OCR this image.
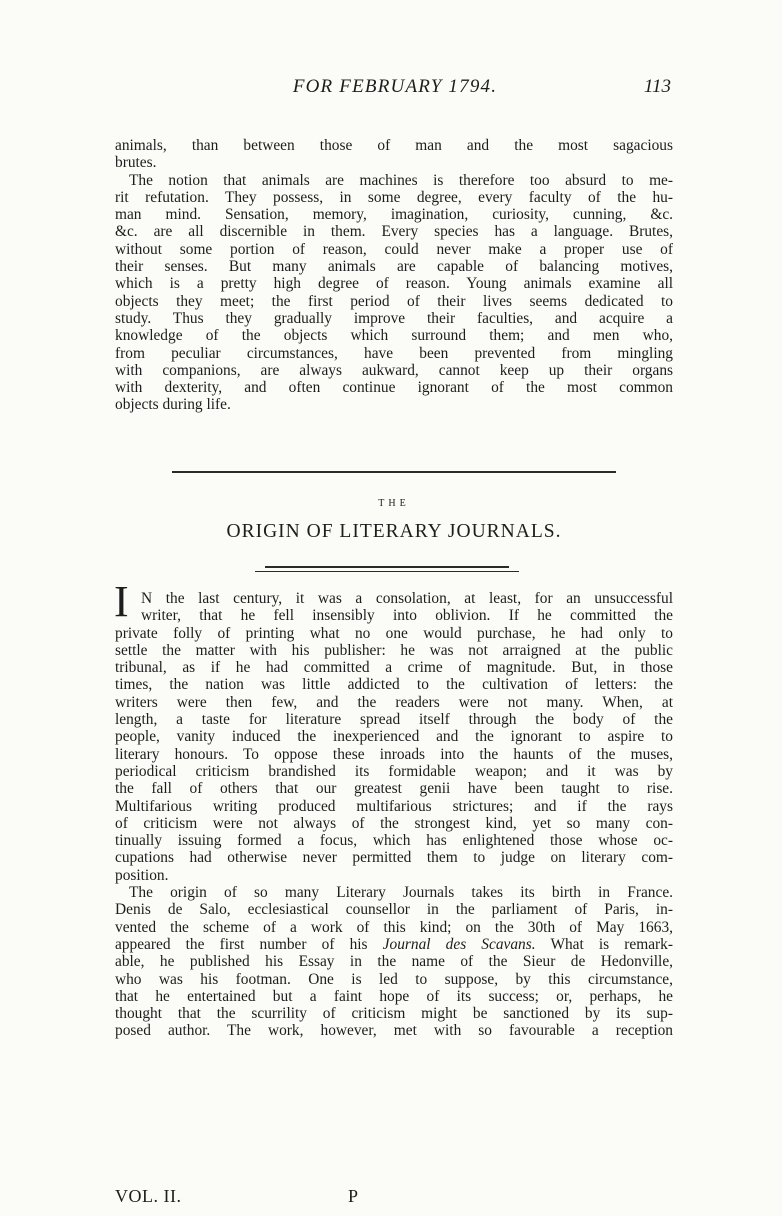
FOR FEBRUARY 1794.	113
animals, than between those of man and the most sagacious
brutes.
The notion that animals are machines is therefore too absurd to me-
rit refutation. They possess, in some degree, every faculty of the hu-
man mind. Sensation, memory, imagination, curiosity, cunning, &c.
&c. are all discernible in them. Every species has a language. Brutes,
without some portion of reason, could never make a proper use of
their senses. But many animals are capable of balancing motives,
which is a pretty high degree of reason. Young animals examine all
objects they meet; the first period of their lives seems dedicated to
study. Thus they gradually improve their faculties, and acquire a
knowledge of the objects which surround them; and men who,
from peculiar circumstances, have been prevented from mingling
with companions, are always aukward, cannot keep up their organs
with dexterity, and often continue ignorant of the most common
objects during life.
THE
ORIGIN OF LITERARY JOURNALS.
I N the last century, it was a consolation, at least, for an unsuccessful
writer, that he fell insensibly into oblivion. If he committed the
private folly of printing what no one would purchase, he had only to
settle the matter with his publisher: he was not arraigned at the public
tribunal, as if he had committed a crime of magnitude. But, in those
times, the nation was little addicted to the cultivation of letters: the
writers were then few, and the readers were not many. When, at
length, a taste for literature spread itself through the body of the
people, vanity induced the inexperienced and the ignorant to aspire to
literary honours. To oppose these inroads into the haunts of the muses,
periodical criticism brandished its formidable weapon; and it was by
the fall of others that our greatest genii have been taught to rise.
Multifarious writing produced multifarious strictures; and if the rays
of criticism were not always of the strongest kind, yet so many con-
tinually issuing formed a focus, which has enlightened those whose oc-
cupations had otherwise never permitted them to judge on literary com-
position.
The origin of so many Literary Journals takes its birth in France.
Denis de Salo, ecclesiastical counsellor in the parliament of Paris, in-
vented the scheme of a work of this kind; on the 30th of May 1663,
appeared the first number of his Journal des Scavans. What is remark-
able, he published his Essay in the name of the Sieur de Hedonville,
who was his footman. One is led to suppose, by this circumstance,
that he entertained but a faint hope of its success; or, perhaps, he
thought that the scurrility of criticism might be sanctioned by its sup-
posed author. The work, however, met with so favourable a reception
VOL. II.	P
